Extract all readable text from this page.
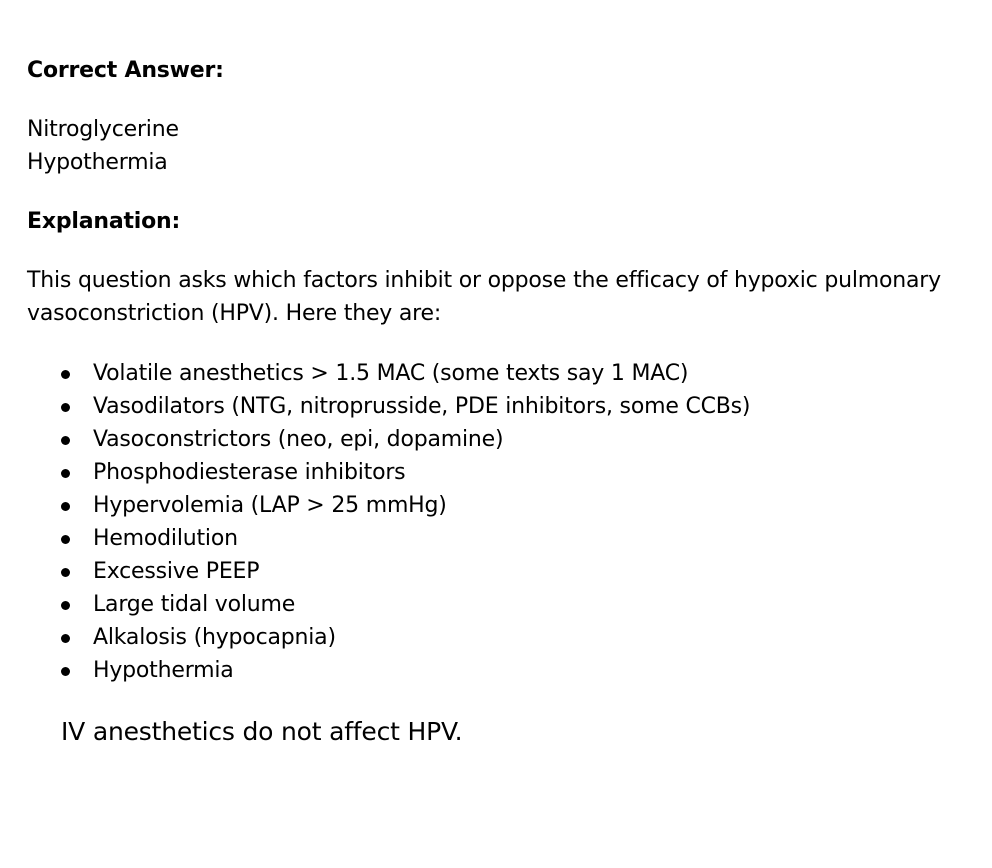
Correct Answer:
Nitroglycerine
Hypothermia
Explanation:

This question asks which factors inhibit or oppose the efficacy of hypoxic pulmonary vasoconstriction (HPV). Here they are:

Volatile anesthetics > 1.5 MAC (some texts say 1 MAC)
Vasodilators (NTG, nitroprusside, PDE inhibitors, some CCBs)
Vasoconstrictors (neo, epi, dopamine)
Phosphodiesterase inhibitors
Hypervolemia (LAP > 25 mmHg)
Hemodilution
Excessive PEEP
Large tidal volume
Alkalosis (hypocapnia)
Hypothermia

IV anesthetics do not affect HPV.
